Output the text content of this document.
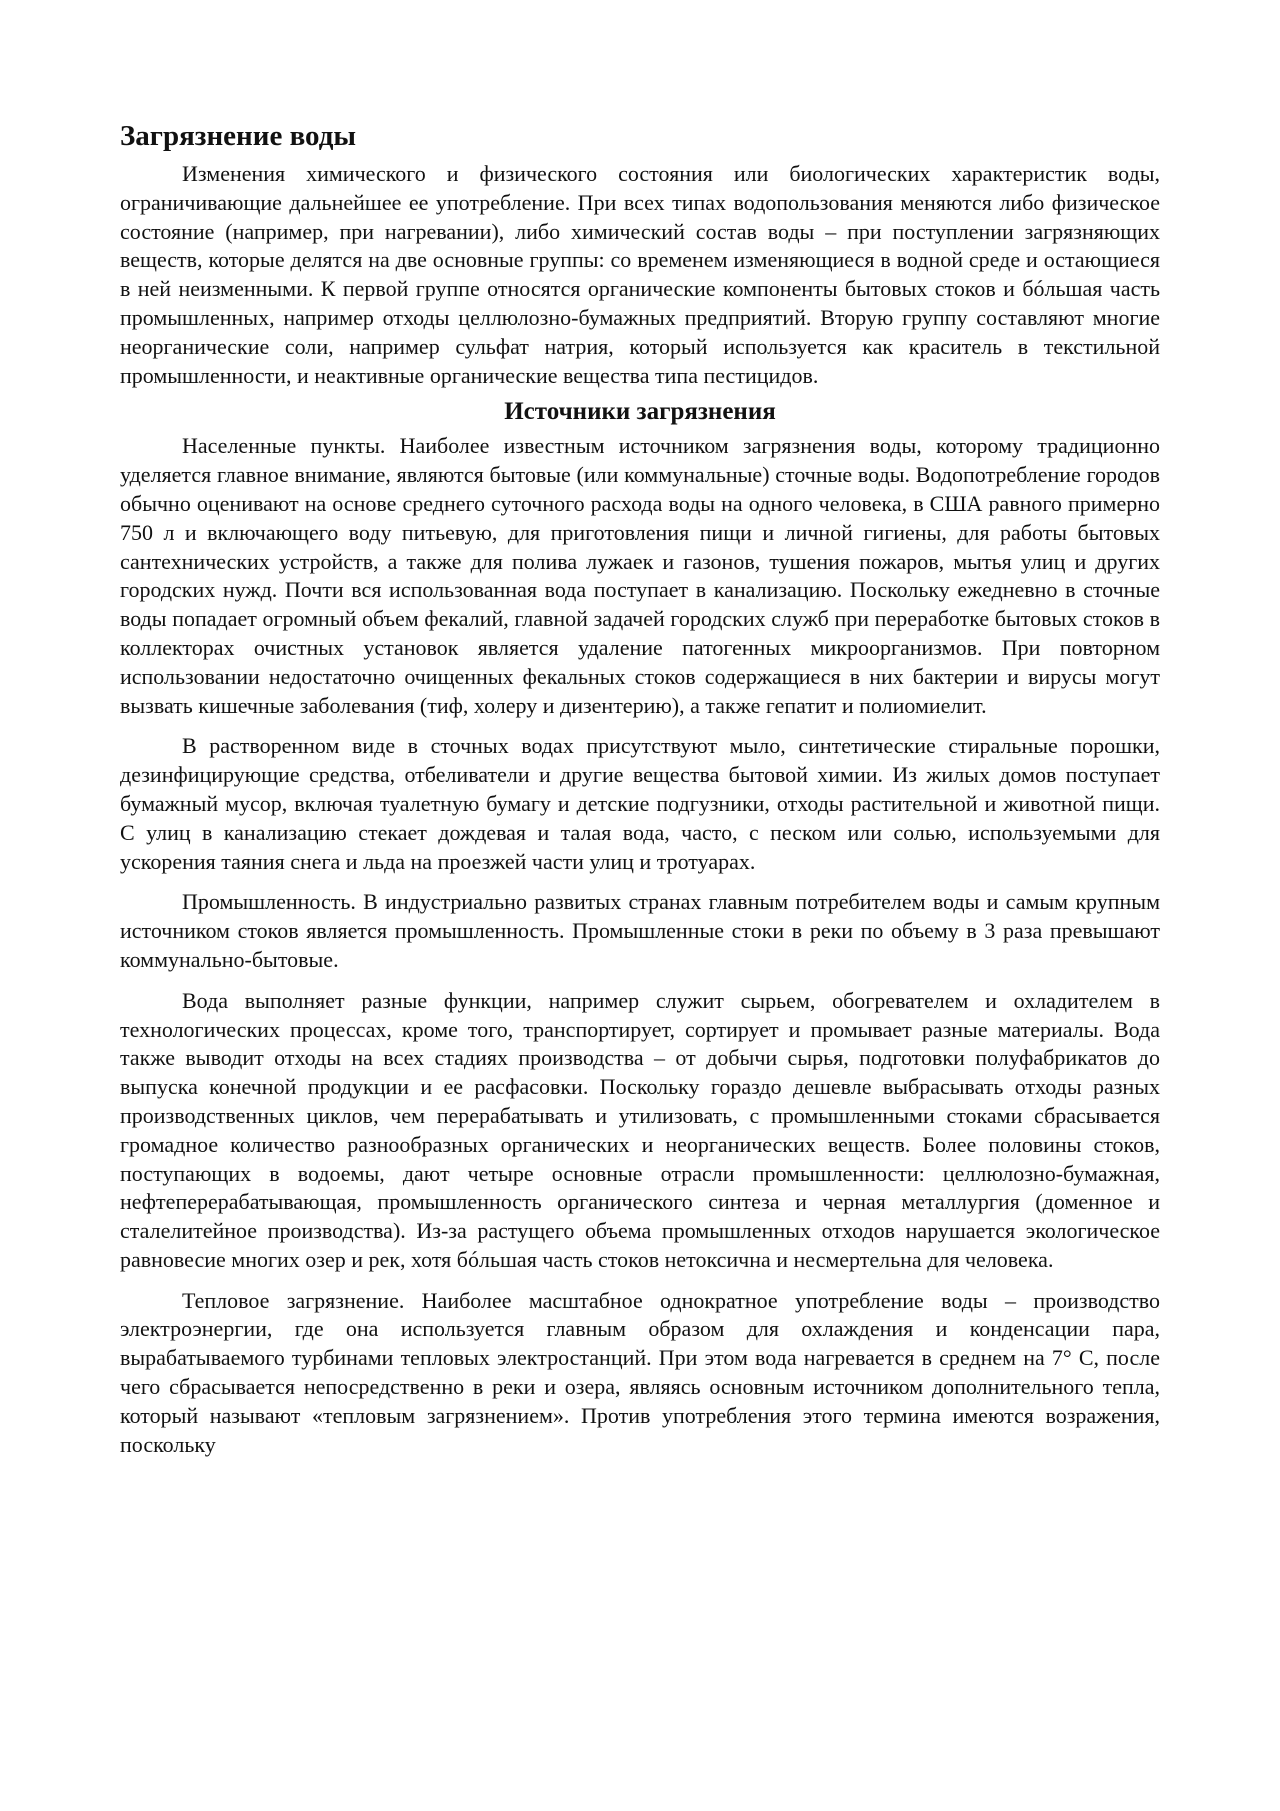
Загрязнение воды

Изменения химического и физического состояния или биологических характеристик воды, ограничивающие дальнейшее ее употребление. При всех типах водопользования меняются либо физическое состояние (например, при нагревании), либо химический состав воды – при поступлении загрязняющих веществ, которые делятся на две основные группы: со временем изменяющиеся в водной среде и остающиеся в ней неизменными. К первой группе относятся органические компоненты бытовых стоков и бóльшая часть промышленных, например отходы целлюлозно-бумажных предприятий. Вторую группу составляют многие неорганические соли, например сульфат натрия, который используется как краситель в текстильной промышленности, и неактивные органические вещества типа пестицидов.

Источники загрязнения

Населенные пункты. Наиболее известным источником загрязнения воды, которому традиционно уделяется главное внимание, являются бытовые (или коммунальные) сточные воды. Водопотребление городов обычно оценивают на основе среднего суточного расхода воды на одного человека, в США равного примерно 750 л и включающего воду питьевую, для приготовления пищи и личной гигиены, для работы бытовых сантехнических устройств, а также для полива лужаек и газонов, тушения пожаров, мытья улиц и других городских нужд. Почти вся использованная вода поступает в канализацию. Поскольку ежедневно в сточные воды попадает огромный объем фекалий, главной задачей городских служб при переработке бытовых стоков в коллекторах очистных установок является удаление патогенных микроорганизмов. При повторном использовании недостаточно очищенных фекальных стоков содержащиеся в них бактерии и вирусы могут вызвать кишечные заболевания (тиф, холеру и дизентерию), а также гепатит и полиомиелит.

В растворенном виде в сточных водах присутствуют мыло, синтетические стиральные порошки, дезинфицирующие средства, отбеливатели и другие вещества бытовой химии. Из жилых домов поступает бумажный мусор, включая туалетную бумагу и детские подгузники, отходы растительной и животной пищи. С улиц в канализацию стекает дождевая и талая вода, часто, с песком или солью, используемыми для ускорения таяния снега и льда на проезжей части улиц и тротуарах.

Промышленность. В индустриально развитых странах главным потребителем воды и самым крупным источником стоков является промышленность. Промышленные стоки в реки по объему в 3 раза превышают коммунально-бытовые.

Вода выполняет разные функции, например служит сырьем, обогревателем и охладителем в технологических процессах, кроме того, транспортирует, сортирует и промывает разные материалы. Вода также выводит отходы на всех стадиях производства – от добычи сырья, подготовки полуфабрикатов до выпуска конечной продукции и ее расфасовки. Поскольку гораздо дешевле выбрасывать отходы разных производственных циклов, чем перерабатывать и утилизовать, с промышленными стоками сбрасывается громадное количество разнообразных органических и неорганических веществ. Более половины стоков, поступающих в водоемы, дают четыре основные отрасли промышленности: целлюлозно-бумажная, нефтеперерабатывающая, промышленность органического синтеза и черная металлургия (доменное и сталелитейное производства). Из-за растущего объема промышленных отходов нарушается экологическое равновесие многих озер и рек, хотя бóльшая часть стоков нетоксична и несмертельна для человека.

Тепловое загрязнение. Наиболее масштабное однократное употребление воды – производство электроэнергии, где она используется главным образом для охлаждения и конденсации пара, вырабатываемого турбинами тепловых электростанций. При этом вода нагревается в среднем на 7° С, после чего сбрасывается непосредственно в реки и озера, являясь основным источником дополнительного тепла, который называют «тепловым загрязнением». Против употребления этого термина имеются возражения, поскольку
